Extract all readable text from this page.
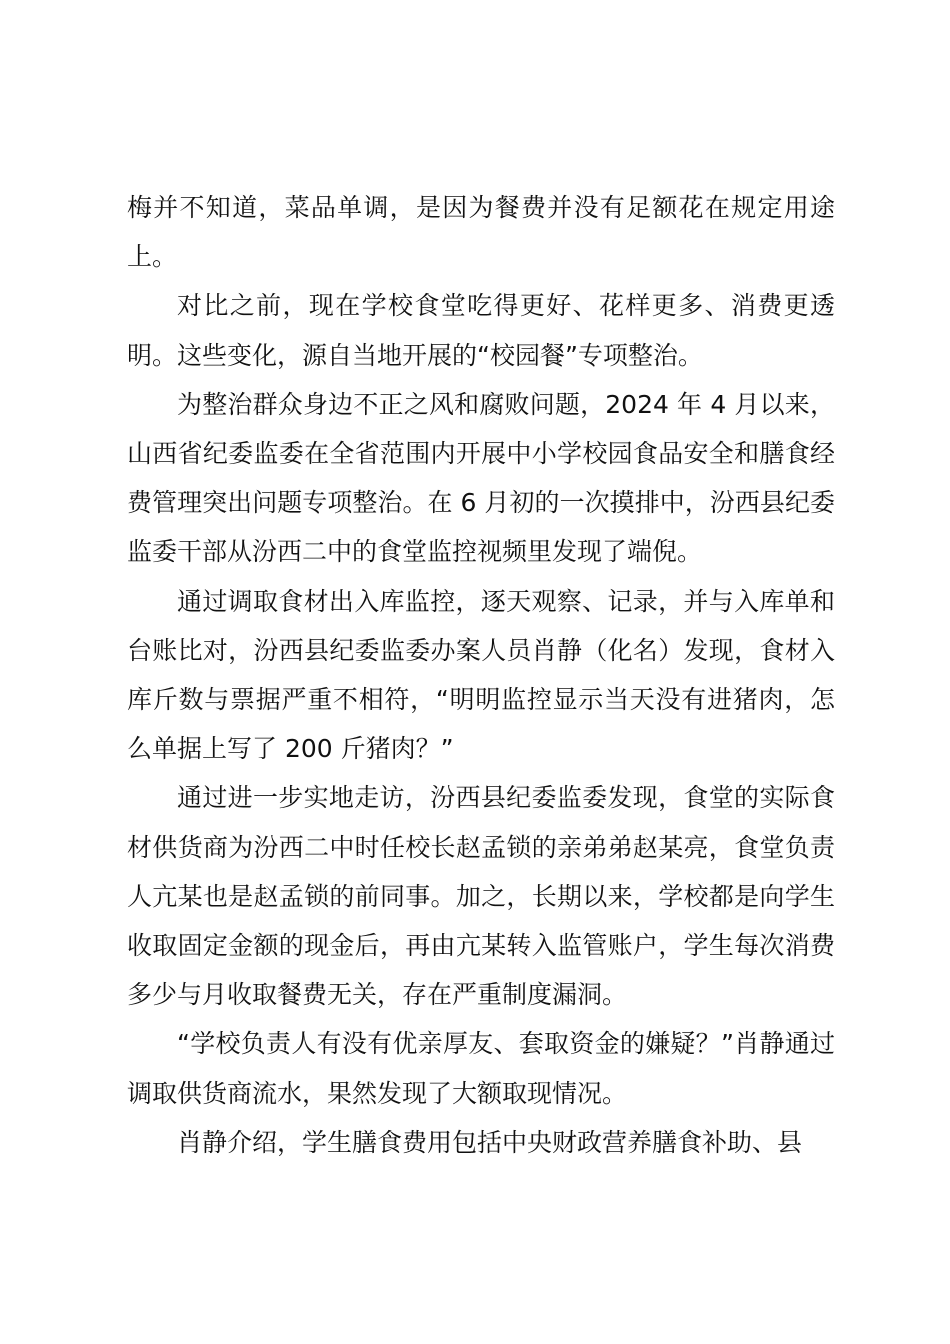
梅并不知道，菜品单调，是因为餐费并没有足额花在规定用途上。

对比之前，现在学校食堂吃得更好、花样更多、消费更透明。这些变化，源自当地开展的“校园餐”专项整治。

为整治群众身边不正之风和腐败问题，2024 年 4 月以来，山西省纪委监委在全省范围内开展中小学校园食品安全和膳食经费管理突出问题专项整治。在 6 月初的一次摸排中，汾西县纪委监委干部从汾西二中的食堂监控视频里发现了端倪。

通过调取食材出入库监控，逐天观察、记录，并与入库单和台账比对，汾西县纪委监委办案人员肖静（化名）发现，食材入库斤数与票据严重不相符，“明明监控显示当天没有进猪肉，怎么单据上写了 200 斤猪肉？”

通过进一步实地走访，汾西县纪委监委发现，食堂的实际食材供货商为汾西二中时任校长赵孟锁的亲弟弟赵某亮，食堂负责人亢某也是赵孟锁的前同事。加之，长期以来，学校都是向学生收取固定金额的现金后，再由亢某转入监管账户，学生每次消费多少与月收取餐费无关，存在严重制度漏洞。

“学校负责人有没有优亲厚友、套取资金的嫌疑？”肖静通过调取供货商流水，果然发现了大额取现情况。

肖静介绍，学生膳食费用包括中央财政营养膳食补助、县
